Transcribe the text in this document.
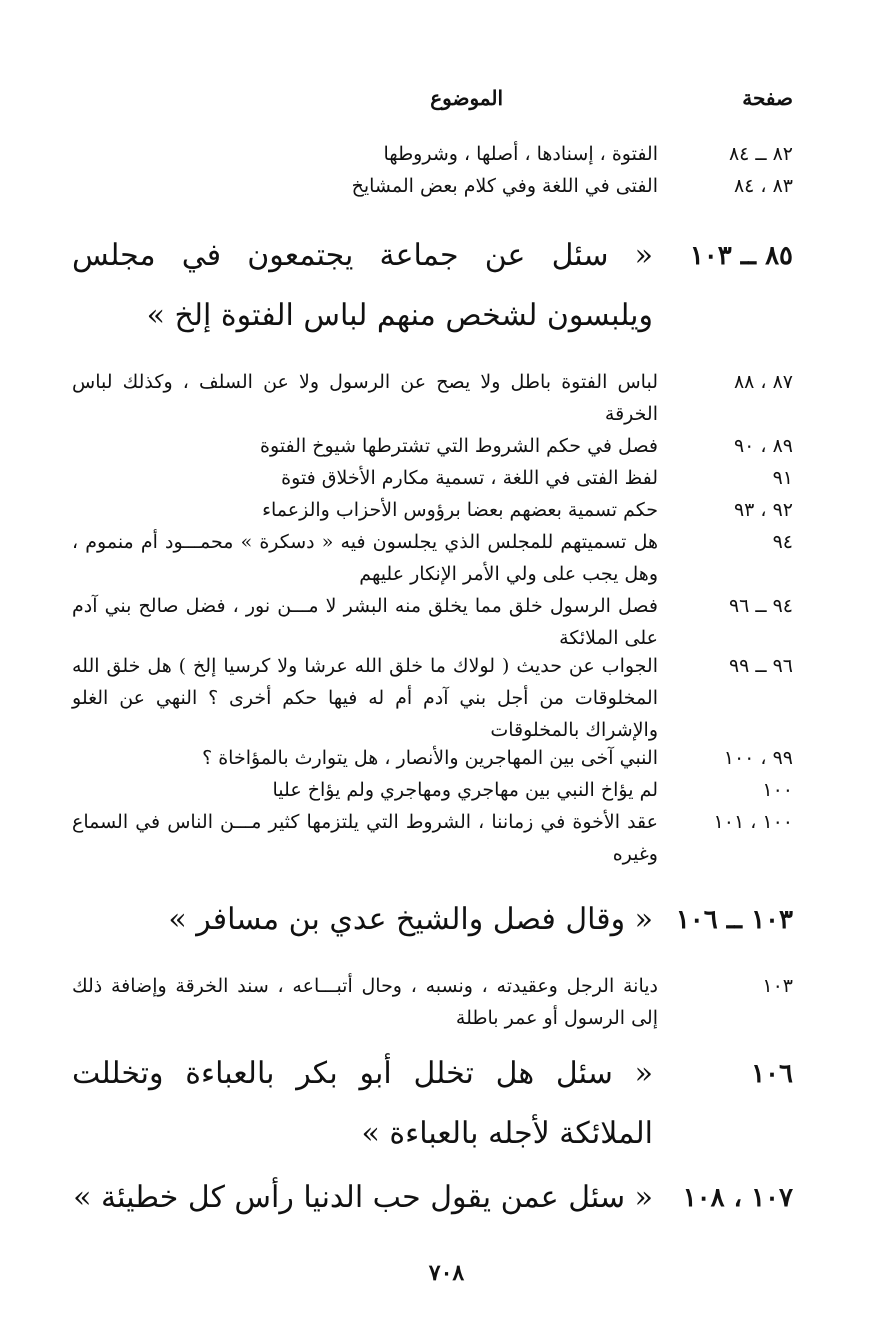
صفحة
الموضوع
٨٢ ــ ٨٤
الفتوة ، إسنادها ، أصلها ، وشروطها
٨٣ ، ٨٤
الفتى في اللغة وفي كلام بعض المشايخ
٨٥ ــ ١٠٣
« سئل عن جماعة يجتمعون في مجلس ويلبسون لشخص منهم لباس الفتوة إلخ »
٨٧ ، ٨٨
لباس الفتوة باطل ولا يصح عن الرسول ولا عن السلف ، وكذلك لباس الخرقة
٨٩ ، ٩٠
فصل في حكم الشروط التي تشترطها شيوخ الفتوة
٩١
لفظ الفتى في اللغة ، تسمية مكارم الأخلاق فتوة
٩٢ ، ٩٣
حكم تسمية بعضهم بعضا برؤوس الأحزاب والزعماء
٩٤
هل تسميتهم للمجلس الذي يجلسون فيه « دسكرة » محمـــود أم منموم ، وهل يجب على ولي الأمر الإنكار عليهم
٩٤ ــ ٩٦
فصل الرسول خلق مما يخلق منه البشر لا مـــن نور ، فضل صالح بني آدم على الملائكة
٩٦ ــ ٩٩
الجواب عن حديث ( لولاك ما خلق الله عرشا ولا كرسيا إلخ ) هل خلق الله المخلوقات من أجل بني آدم أم له فيها حكم أخرى ؟ النهي عن الغلو والإشراك بالمخلوقات
٩٩ ، ١٠٠
النبي آخى بين المهاجرين والأنصار ، هل يتوارث بالمؤاخاة ؟
١٠٠
لم يؤاخ النبي بين مهاجري ومهاجري ولم يؤاخ عليا
١٠٠ ، ١٠١
عقد الأخوة في زماننا ، الشروط التي يلتزمها كثير مـــن الناس في السماع وغيره
١٠٣ ــ ١٠٦
« وقال فصل والشيخ عدي بن مسافر »
١٠٣
ديانة الرجل وعقيدته ، ونسبه ، وحال أتبـــاعه ، سند الخرقة وإضافة ذلك إلى الرسول أو عمر باطلة
١٠٦
« سئل هل تخلل أبو بكر بالعباءة وتخللت الملائكة لأجله بالعباءة »
١٠٧ ، ١٠٨
« سئل عمن يقول حب الدنيا رأس كل خطيئة »
٧٠٨
